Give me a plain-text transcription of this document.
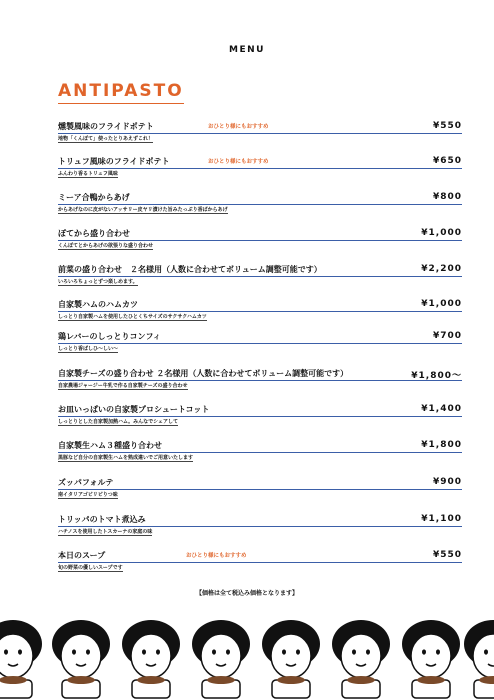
MENU
ANTIPASTO
燻製風味のフライドポテト	おひとり様にもおすすめ	¥550
地物「くんぽて」使ったとりあえずこれ！
トリュフ風味のフライドポテト	おひとり様にもおすすめ	¥650
ふんわり香るトリュフ風味
ミーア合鴨からあげ	¥800
からあげなのに皮がないアッサリー皮ヤリ漬けた旨みたっぷり香ばからあげ
ぽてから盛り合わせ	¥1,000
くんぽてとからあげの欲張りな盛り合わせ
前菜の盛り合わせ　２名様用（人数に合わせてボリューム調整可能です）	¥2,200
いろいろちょっとずつ楽しめます。
自家製ハムのハムカツ	¥1,000
しっとり自家製ハムを使用したひとくちサイズのサクサクハムカツ
鶏レバーのしっとりコンフィ	¥700
しっとり香ばしひ～しい～
自家製チーズの盛り合わせ ２名様用（人数に合わせてボリューム調整可能です）	¥1,800～
自家農場ジャージー牛乳で作る自家製チーズの盛り合わせ
お皿いっぱいの自家製プロシュートコット	¥1,400
しっとりとした自家製加熱ハム。みんなでシェアして
自家製生ハム３種盛り合わせ	¥1,800
黒豚など自分の自家製生ハムを熟成違いでご用意いたします
ズッパフォルテ	¥900
南イタリアゴビリピりつ味
トリッパのトマト煮込み	¥1,100
ハチノスを使用したトスカーナの家庭の味
本日のスープ	おひとり様にもおすすめ	¥550
旬の野菜の優しいスープです
【価格は全て税込み価格となります】
